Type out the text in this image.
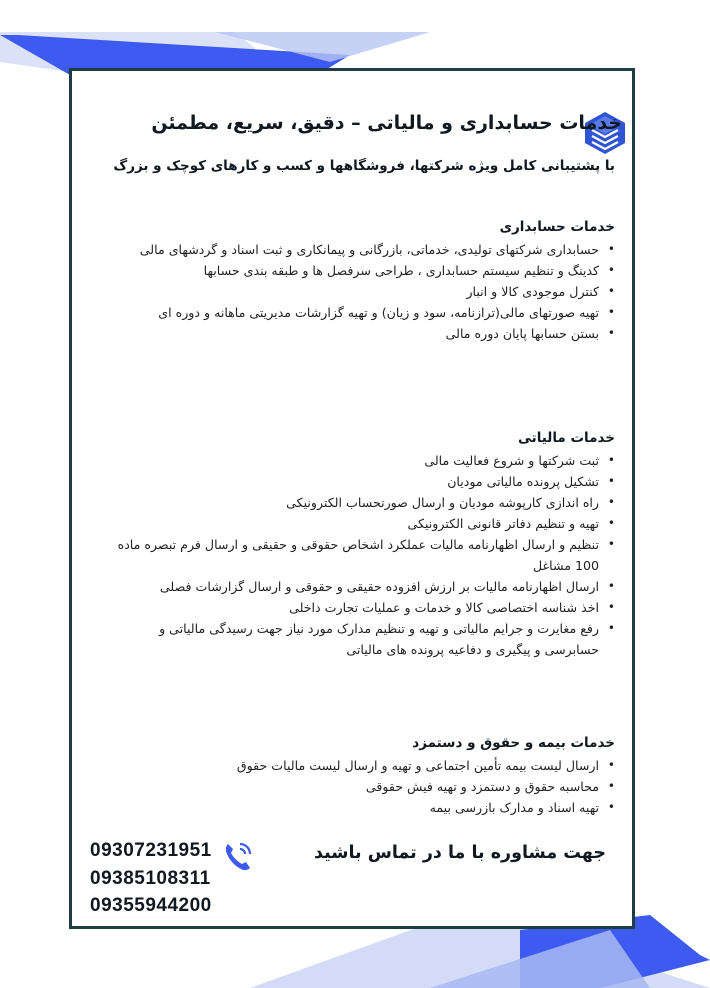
خدمات حسابداری و مالیاتی – دقیق، سریع، مطمئن
با پشتیبانی کامل ویژه شرکتها، فروشگاهها و کسب و کارهای کوچک و بزرگ
خدمات حسابداری
•
حسابداری شرکتهای تولیدی، خدماتی، بازرگانی و پیمانکاری و ثبت اسناد و گردشهای مالی
•
کدینگ و تنظیم سیستم حسابداری ، طراحی سرفصل ها و طبقه بندی حسابها
•
کنترل موجودی کالا و انبار
•
تهیه صورتهای مالی(ترازنامه، سود و زیان) و تهیه گزارشات مدیریتی ماهانه و دوره ای
•
بستن حسابها پایان دوره مالی
خدمات مالیاتی
•
ثبت شرکتها و شروع فعالیت مالی
•
تشکیل پرونده مالیاتی مودیان
•
راه اندازی کارپوشه مودیان و ارسال صورتحساب الکترونیکی
•
تهیه و تنظیم دفاتر قانونی الکترونیکی
•
تنظیم و ارسال اظهارنامه مالیات عملکرد اشخاص حقوقی و حقیقی و ارسال فرم تبصره ماده 100 مشاغل
•
ارسال اظهارنامه مالیات بر ارزش افزوده حقیقی و حقوقی و ارسال گزارشات فصلی
•
اخذ شناسه اختصاصی کالا و خدمات و عملیات تجارت داخلی
•
رفع مغایرت و جرایم مالیاتی و تهیه و تنظیم مدارک مورد نیاز جهت رسیدگی مالیاتی و حسابرسی و پیگیری و دفاعیه پرونده های مالیاتی
خدمات بیمه و حقوق و دستمزد
•
ارسال لیست بیمه تأمین اجتماعی و تهیه و ارسال لیست مالیات حقوق
•
محاسبه حقوق و دستمزد و تهیه فیش حقوقی
•
تهیه اسناد و مدارک بازرسی بیمه
جهت مشاوره با ما در تماس باشید
09307231951
09385108311
09355944200
